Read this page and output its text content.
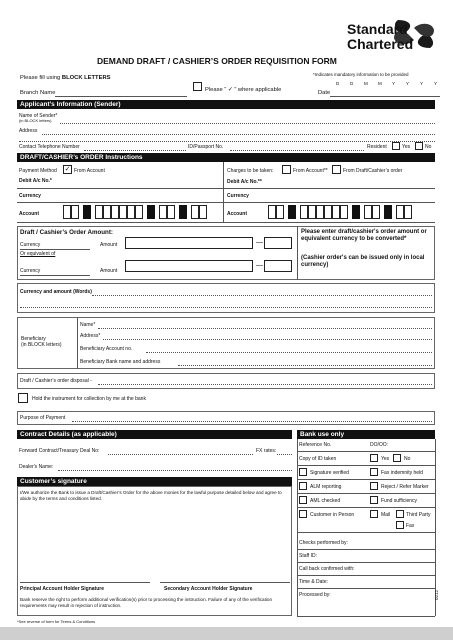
Standard
Chartered
DEMAND DRAFT / CASHIER’S ORDER REQUISITION FORM
Please fill using BLOCK LETTERS
*Indicates mandatory information to be provided
Branch Name	Please “ ✓ ” where applicable	Date
D D M M Y Y Y Y
Applicant’s Information (Sender)
Name of Sender*
(in BLOCK letters)
Address
Contact Telephone Number	ID/Passport No.	Resident	Yes	No
DRAFT/CASHIER’s ORDER Instructions
Payment Method ✓ From Account
Debit A/c No.*
Currency
Account
Charges to be taken:	From Account**	From Draft/Cashier’s order
Debit A/c No.**
Currency
Account
Draft / Cashier’s Order Amount:
Currency	Amount
Or equivalent of
—
Currency	Amount
—
Please enter draft/cashier's order amount or equivalent currency to be converted*
(Cashier order's can be issued only in local currency)
Currency and amount (Words)
Beneficiary
(in BLOCK letters)
Name*
Address*
Beneficiary Account no.
Beneficiary Bank name and address
Draft / Cashier’s order disposal -
Hold the instrument for collection by me at the bank
Purpose of Payment
Contract Details (as applicable)
Forward Contract/Treasury Deal No:	FX rates:
Dealer's Name:
Customer’s signature
I/We authorize the Bank to issue a Draft/Cashier’s Order for the above monies for the lawful purpose detailed below and agree to abide by the terms and conditions listed.
Principal Account Holder Signature	Secondary Account Holder Signature
Bank reserve the right to perform additional verification(s) prior to processing the instruction. Failure of any of the verification requirements may result in rejection of instruction.
*See reverse of form for Terms & Conditions
Bank use only
Reference No.	DO/OO:
Copy of ID taken	Yes	No
Signature verified	Fax indemnity held
ALM reporting	Reject / Refer Marker
AML checked	Fund sufficiency
Customer in Person	Mail	Third Party
Fax
Checks performed by:
Staff ID:
Call back confirmed with:
Time & Date:
Processed by:	0212
